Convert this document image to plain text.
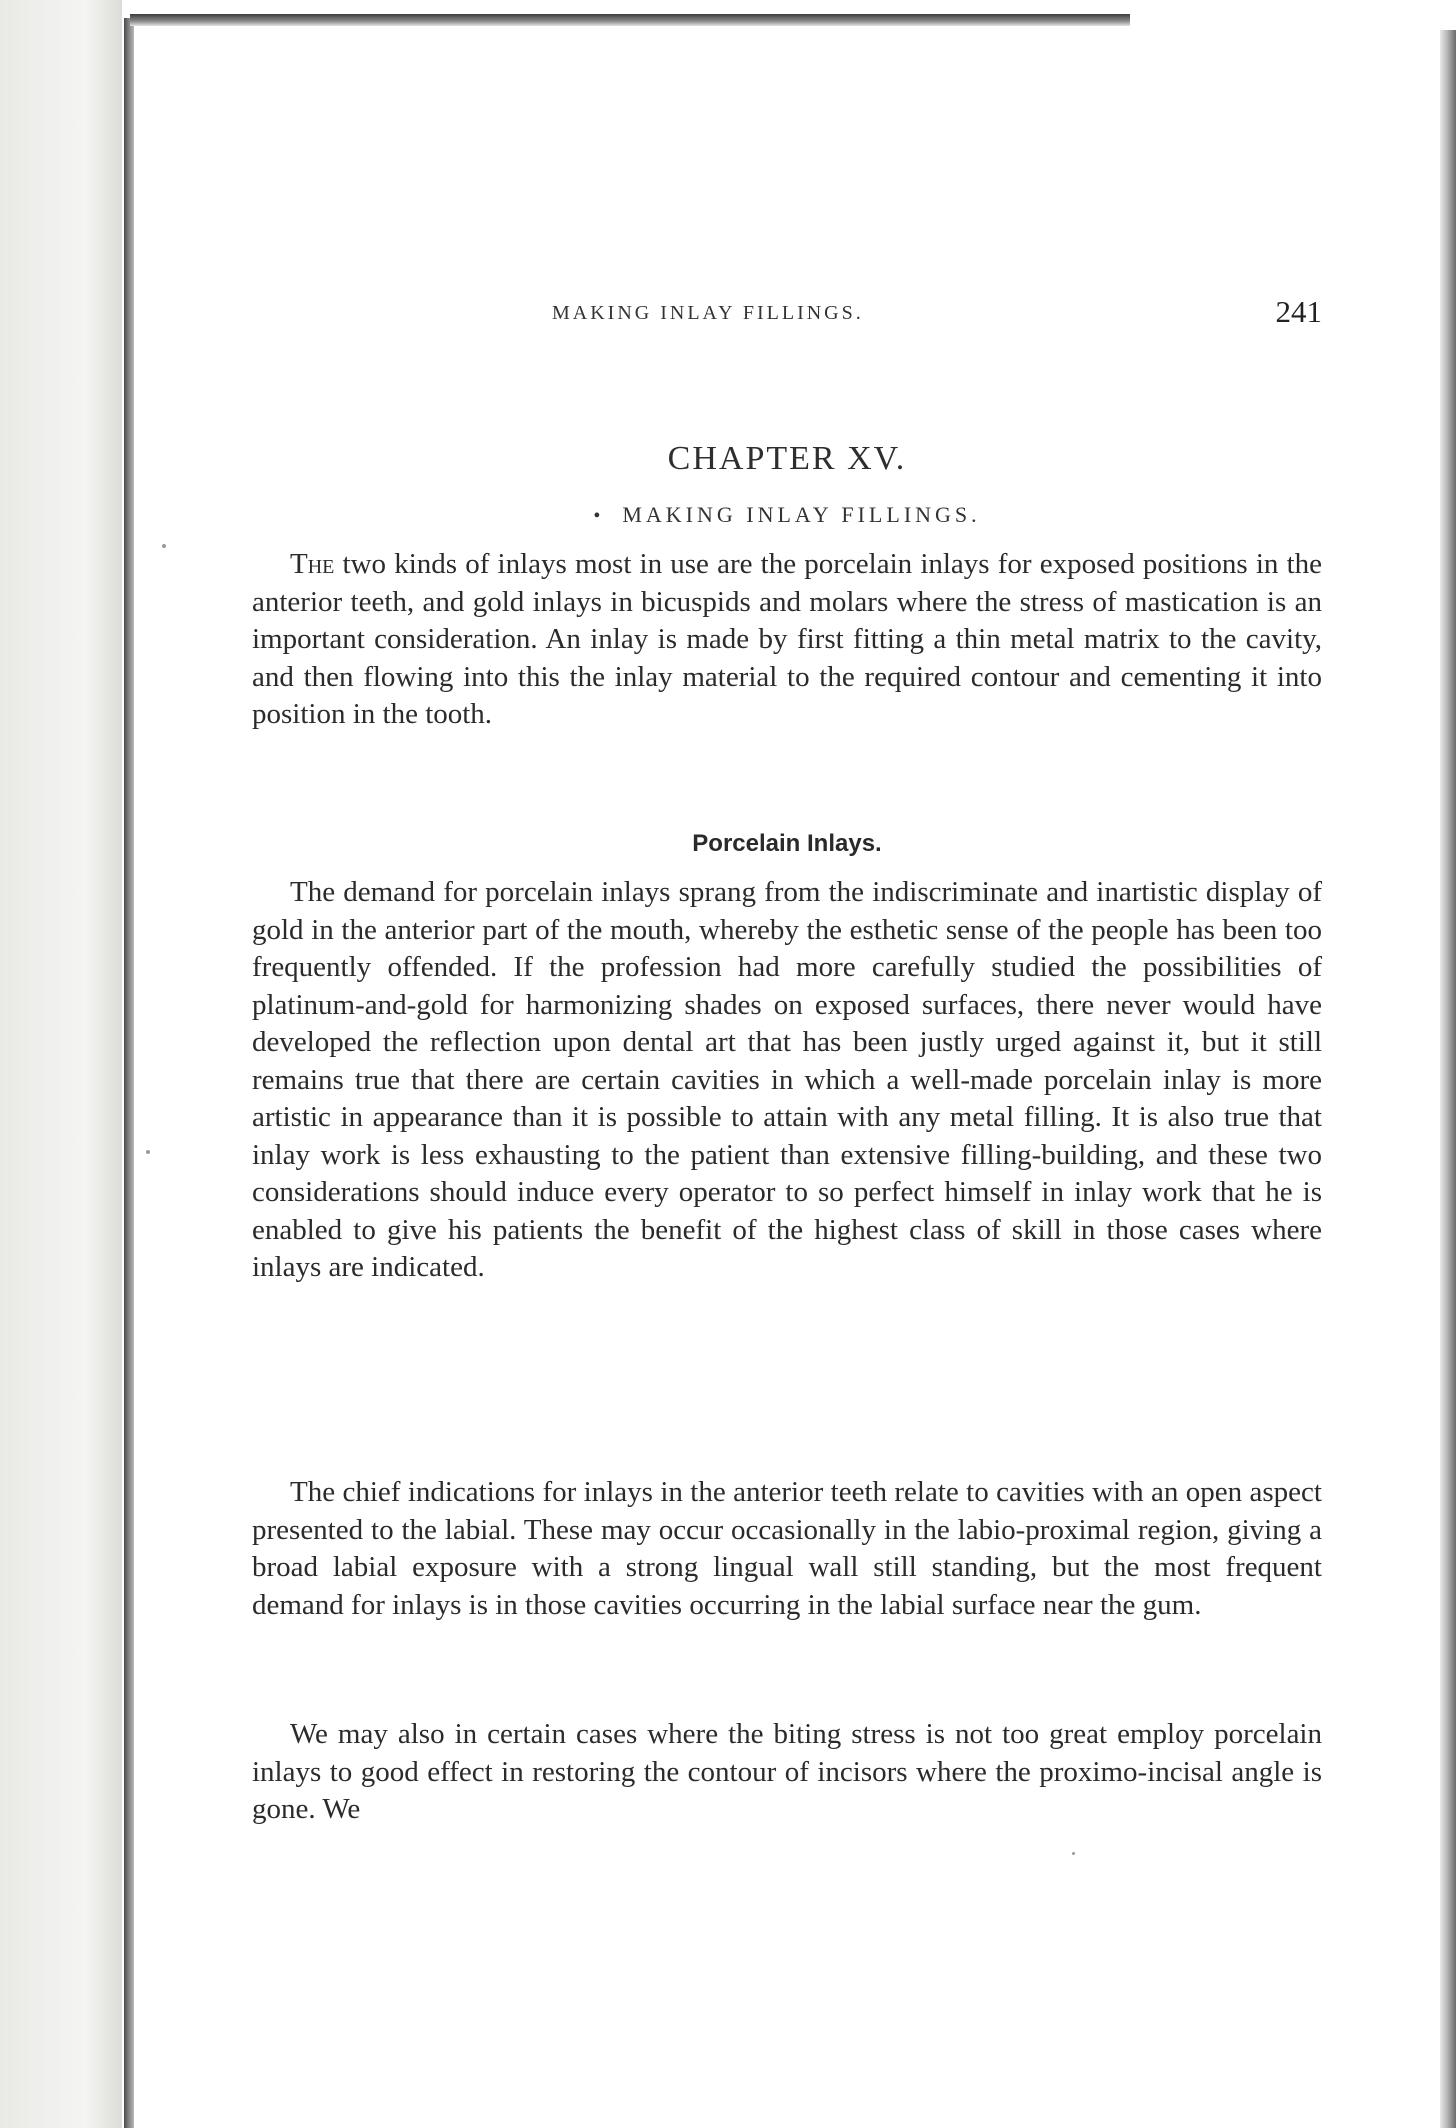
MAKING INLAY FILLINGS.	241
CHAPTER XV.
• MAKING INLAY FILLINGS.

The two kinds of inlays most in use are the porcelain inlays for exposed positions in the anterior teeth, and gold inlays in bicuspids and molars where the stress of mastication is an important consideration. An inlay is made by first fitting a thin metal matrix to the cavity, and then flowing into this the inlay material to the required contour and cementing it into position in the tooth.

Porcelain Inlays.

The demand for porcelain inlays sprang from the indiscriminate and inartistic display of gold in the anterior part of the mouth, whereby the esthetic sense of the people has been too frequently offended. If the profession had more carefully studied the possibilities of platinum-and-gold for harmonizing shades on exposed surfaces, there never would have developed the reflection upon dental art that has been justly urged against it, but it still remains true that there are certain cavities in which a well-made porcelain inlay is more artistic in appearance than it is possible to attain with any metal filling. It is also true that inlay work is less exhausting to the patient than extensive filling-building, and these two considerations should induce every operator to so perfect himself in inlay work that he is enabled to give his patients the benefit of the highest class of skill in those cases where inlays are indicated.

The chief indications for inlays in the anterior teeth relate to cavities with an open aspect presented to the labial. These may occur occasionally in the labio-proximal region, giving a broad labial exposure with a strong lingual wall still standing, but the most frequent demand for inlays is in those cavities occurring in the labial surface near the gum.

We may also in certain cases where the biting stress is not too great employ porcelain inlays to good effect in restoring the contour of incisors where the proximo-incisal angle is gone. We
